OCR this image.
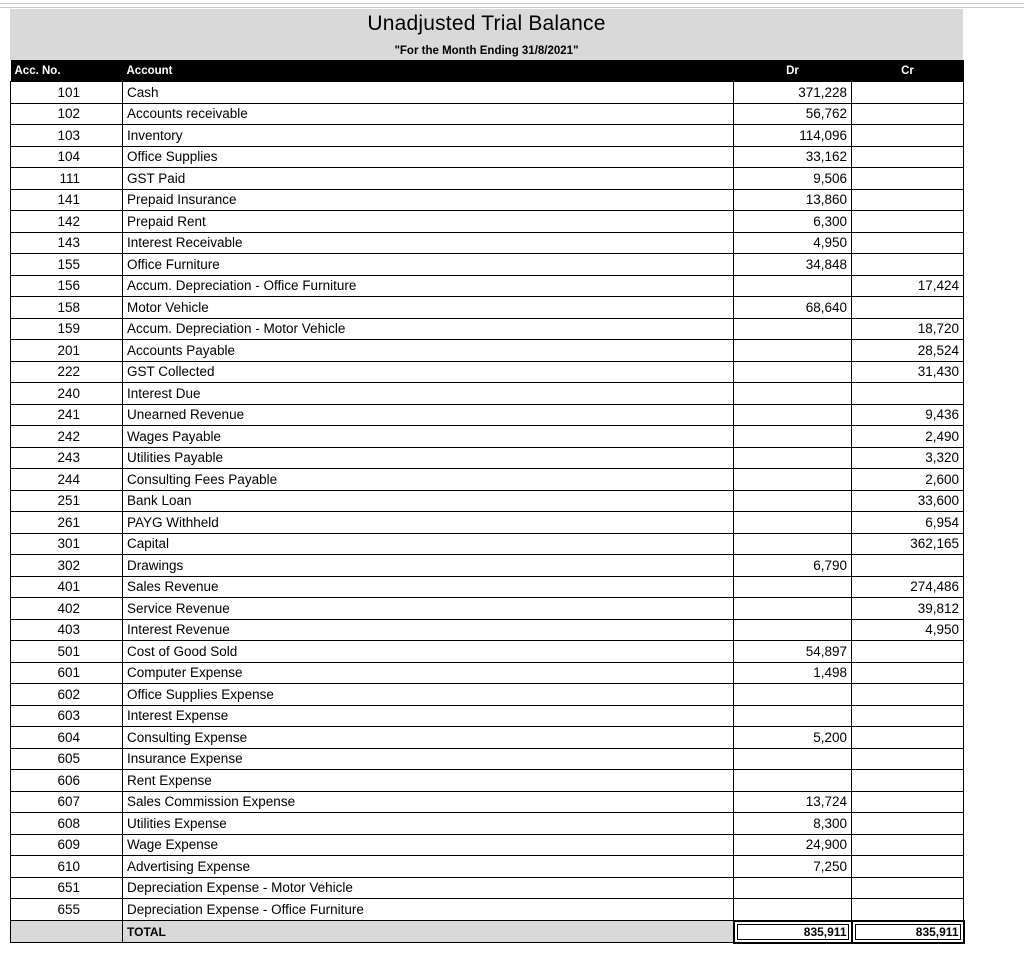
Unadjusted Trial Balance
"For the Month Ending 31/8/2021"
Acc. No.	Account	Dr	Cr
101	Cash	371,228	
102	Accounts receivable	56,762	
103	Inventory	114,096	
104	Office Supplies	33,162	
111	GST Paid	9,506	
141	Prepaid Insurance	13,860	
142	Prepaid Rent	6,300	
143	Interest Receivable	4,950	
155	Office Furniture	34,848	
156	Accum. Depreciation - Office Furniture		17,424
158	Motor Vehicle	68,640	
159	Accum. Depreciation - Motor Vehicle		18,720
201	Accounts Payable		28,524
222	GST Collected		31,430
240	Interest Due		
241	Unearned Revenue		9,436
242	Wages Payable		2,490
243	Utilities Payable		3,320
244	Consulting Fees Payable		2,600
251	Bank Loan		33,600
261	PAYG Withheld		6,954
301	Capital		362,165
302	Drawings	6,790	
401	Sales Revenue		274,486
402	Service Revenue		39,812
403	Interest Revenue		4,950
501	Cost of Good Sold	54,897	
601	Computer Expense	1,498	
602	Office Supplies Expense		
603	Interest Expense		
604	Consulting Expense	5,200	
605	Insurance Expense		
606	Rent Expense		
607	Sales Commission Expense	13,724	
608	Utilities Expense	8,300	
609	Wage Expense	24,900	
610	Advertising Expense	7,250	
651	Depreciation Expense - Motor Vehicle		
655	Depreciation Expense - Office Furniture		
	TOTAL	835,911	835,911
